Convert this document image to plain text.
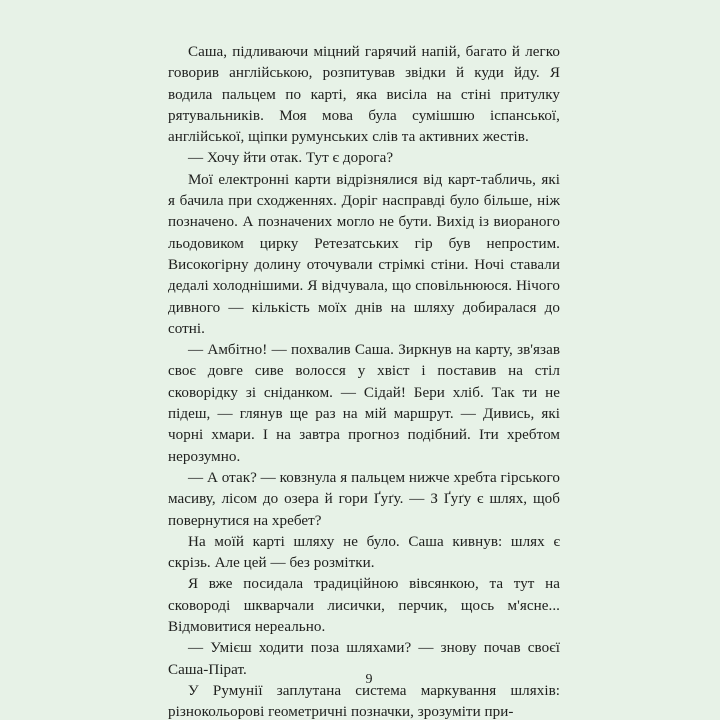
Саша, підливаючи міцний гарячий напій, багато й легко говорив англійською, розпитував звідки й куди йду. Я водила пальцем по карті, яка висіла на стіні притулку рятувальників. Моя мова була сумішшю іспанської, англійської, щіпки румунських слів та активних жестів.

— Хочу йти отак. Тут є дорога?

Мої електронні карти відрізнялися від карт-табличь, які я бачила при сходженнях. Доріг насправді було більше, ніж позначено. А позначених могло не бути. Вихід із виораного льодовиком цирку Ретезатських гір був непростим. Високогірну долину оточували стрімкі стіни. Ночі ставали дедалі холоднішими. Я відчувала, що сповільнююся. Нічого дивного — кількість моїх днів на шляху добиралася до сотні.

— Амбітно! — похвалив Саша. Зиркнув на карту, зв'язав своє довге сиве волосся у хвіст і поставив на стіл сковорідку зі сніданком. — Сідай! Бери хліб. Так ти не підеш, — глянув ще раз на мій маршрут. — Дивись, які чорні хмари. І на завтра прогноз подібний. Іти хребтом нерозумно.

— А отак? — ковзнула я пальцем нижче хребта гірського масиву, лісом до озера й гори Ґуґу. — З Ґуґу є шлях, щоб повернутися на хребет?

На моїй карті шляху не було. Саша кивнув: шлях є скрізь. Але цей — без розмітки.

Я вже посидала традиційною вівсянкою, та тут на сковороді шкварчали лисички, перчик, щось м'ясне... Відмовитися нереально.

— Умієш ходити поза шляхами? — знову почав своєї Саша-Пірат.

У Румунії заплутана система маркування шляхів: різнокольорові геометричні позначки, зрозуміти при-

9
